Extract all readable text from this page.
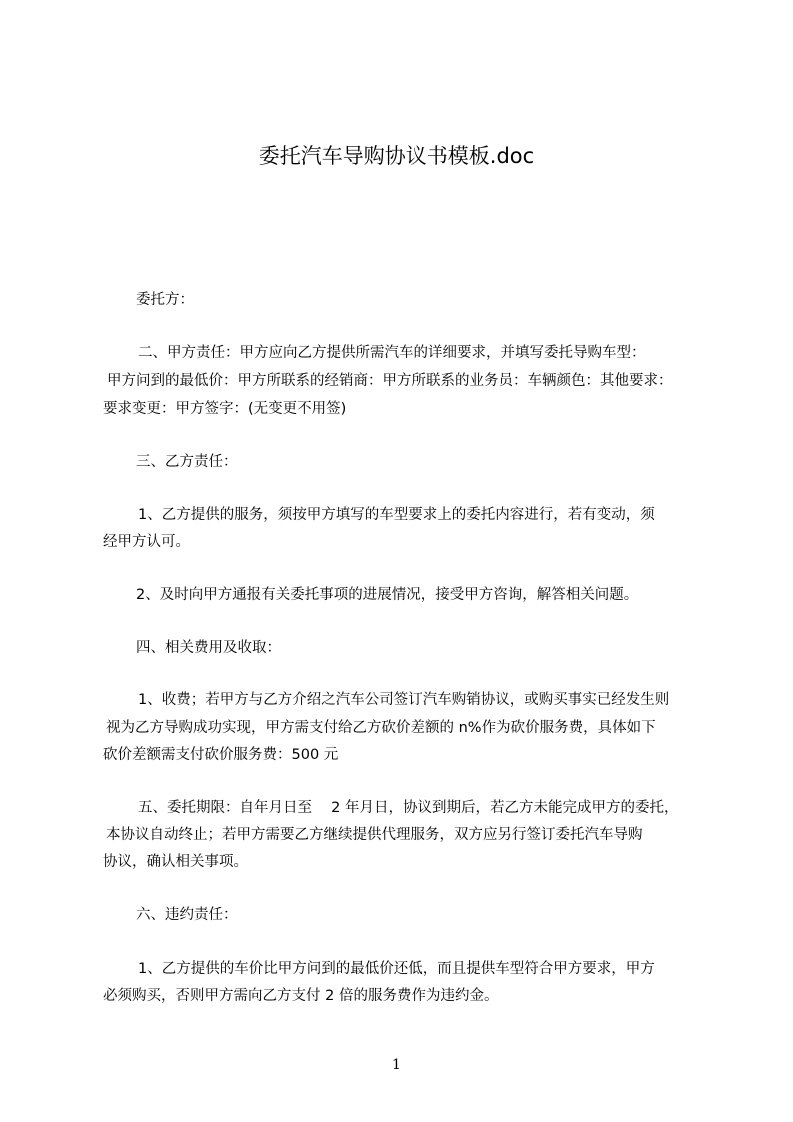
委托汽车导购协议书模板.doc

委托方：

二、甲方责任：甲方应向乙方提供所需汽车的详细要求，并填写委托导购车型：

甲方问到的最低价：甲方所联系的经销商：甲方所联系的业务员：车辆颜色：其他要求：

要求变更：甲方签字：(无变更不用签)

三、乙方责任：

1、乙方提供的服务，须按甲方填写的车型要求上的委托内容进行，若有变动，须

经甲方认可。

2、及时向甲方通报有关委托事项的进展情况，接受甲方咨询，解答相关问题。

四、相关费用及收取：

1、收费；若甲方与乙方介绍之汽车公司签订汽车购销协议，或购买事实已经发生则

视为乙方导购成功实现，甲方需支付给乙方砍价差额的 n%作为砍价服务费，具体如下

砍价差额需支付砍价服务费：500 元

五、委托期限：自年月日至　 2 年月日，协议到期后，若乙方未能完成甲方的委托，

本协议自动终止；若甲方需要乙方继续提供代理服务，双方应另行签订委托汽车导购

协议，确认相关事项。

六、违约责任：

1、乙方提供的车价比甲方问到的最低价还低，而且提供车型符合甲方要求，甲方

必须购买，否则甲方需向乙方支付 2 倍的服务费作为违约金。

1
